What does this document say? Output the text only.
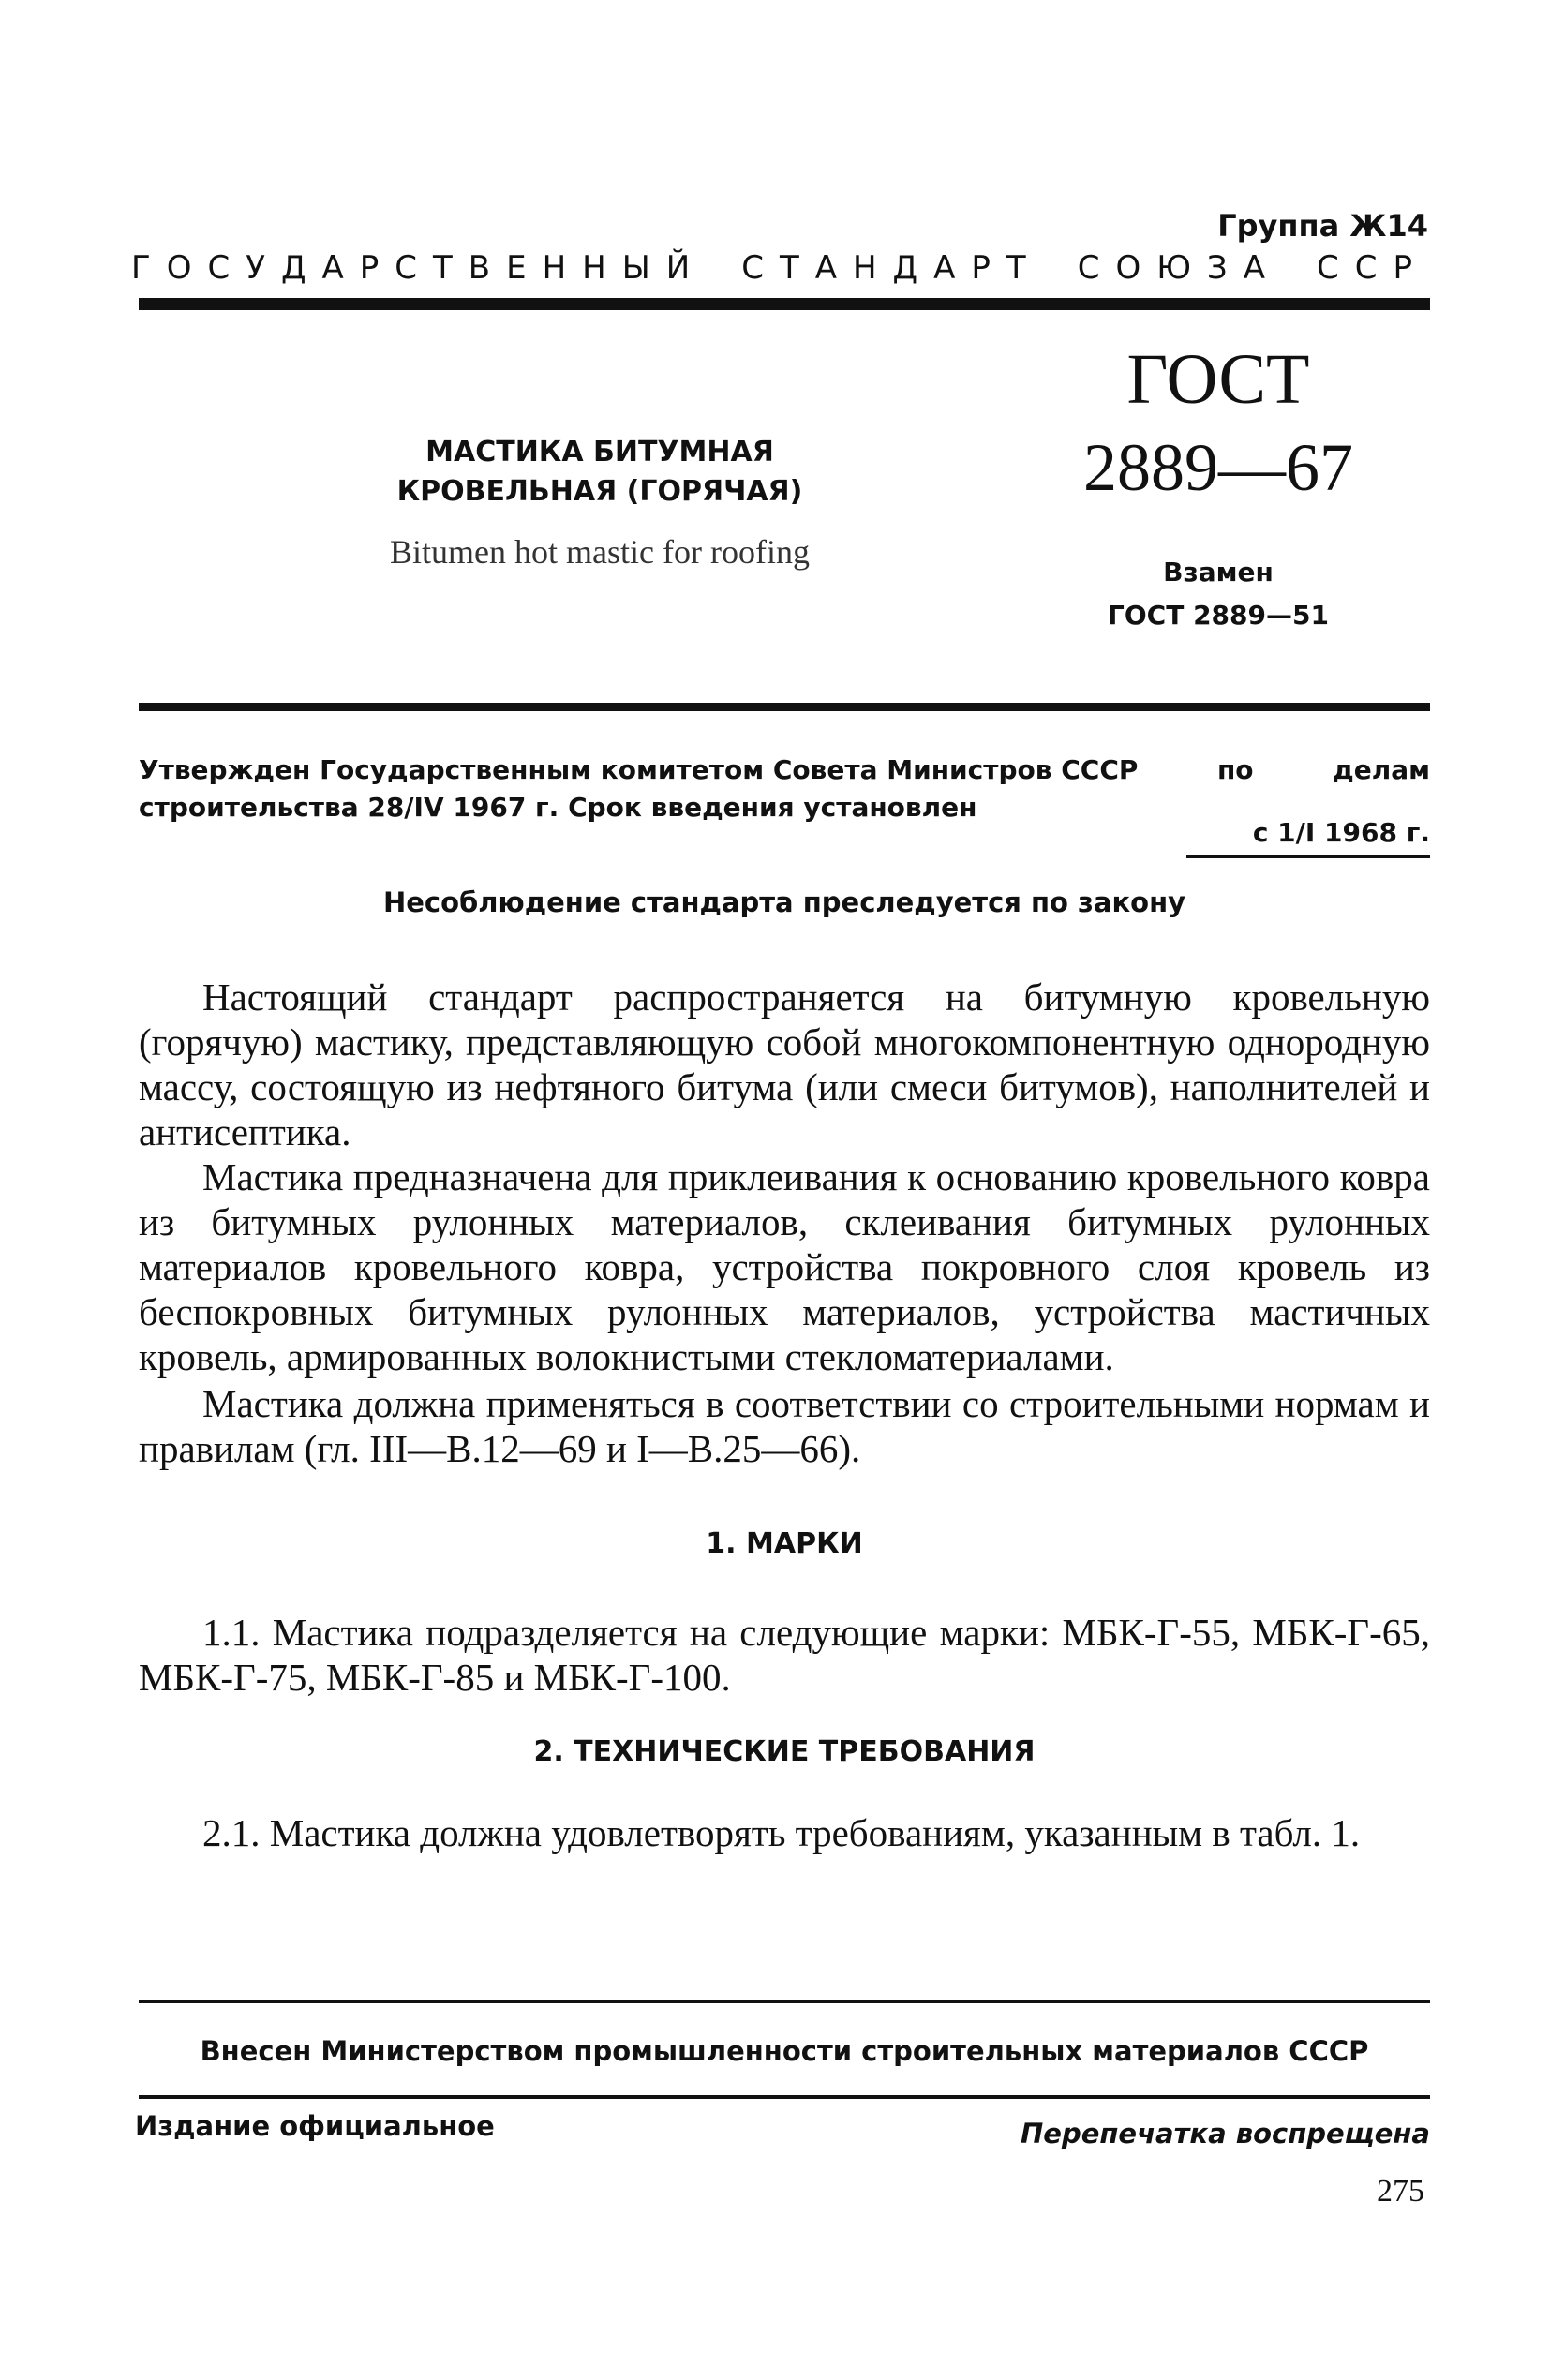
Группа Ж14
ГОСУДАРСТВЕННЫЙ СТАНДАРТ СОЮЗА ССР
МАСТИКА БИТУМНАЯ
КРОВЕЛЬНАЯ (ГОРЯЧАЯ)
Bitumen hot mastic for roofing
ГОСТ
2889—67
Взамен
ГОСТ 2889—51
Утвержден Государственным комитетом Совета Министров СССР	по	делам
строительства 28/IV 1967 г. Срок введения установлен
с 1/I 1968 г.
Несоблюдение стандарта преследуется по закону

Настоящий стандарт распространяется на битумную кровельную (горячую) мастику, представляющую собой многокомпонентную однородную массу, состоящую из нефтяного битума (или смеси битумов), наполнителей и антисептика.

Мастика предназначена для приклеивания к основанию кровельного ковра из битумных рулонных материалов, склеивания битумных рулонных материалов кровельного ковра, устройства покровного слоя кровель из беспокровных битумных рулонных материалов, устройства мастичных кровель, армированных волокнистыми стекломатериалами.

Мастика должна применяться в соответствии со строительными нормам и правилам (гл. III—В.12—69 и I—В.25—66).

1. МАРКИ

1.1. Мастика подразделяется на следующие марки: МБК-Г-55, МБК-Г-65, МБК-Г-75, МБК-Г-85 и МБК-Г-100.

2. ТЕХНИЧЕСКИЕ ТРЕБОВАНИЯ

2.1. Мастика должна удовлетворять требованиям, указанным в табл. 1.

Внесен Министерством промышленности строительных материалов СССР
Издание официальное	Перепечатка воспрещена
275
